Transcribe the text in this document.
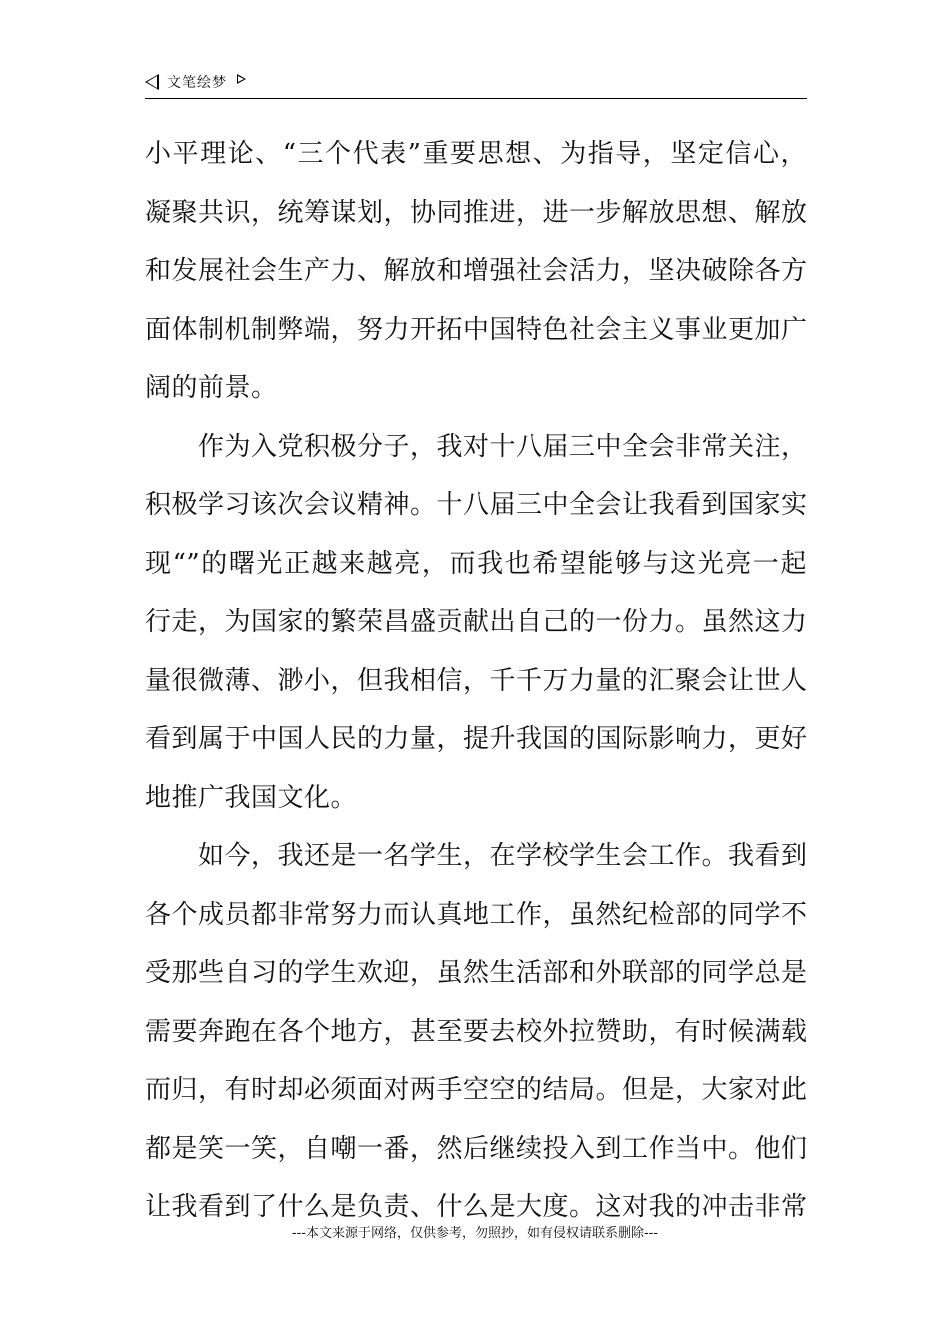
文笔绘梦
小平理论、“三个代表”重要思想、为指导，坚定信心，
凝聚共识，统筹谋划，协同推进，进一步解放思想、解放
和发展社会生产力、解放和增强社会活力，坚决破除各方
面体制机制弊端，努力开拓中国特色社会主义事业更加广
阔的前景。
　　作为入党积极分子，我对十八届三中全会非常关注，
积极学习该次会议精神。十八届三中全会让我看到国家实
现“”的曙光正越来越亮，而我也希望能够与这光亮一起
行走，为国家的繁荣昌盛贡献出自己的一份力。虽然这力
量很微薄、渺小，但我相信，千千万力量的汇聚会让世人
看到属于中国人民的力量，提升我国的国际影响力，更好
地推广我国文化。
　　如今，我还是一名学生，在学校学生会工作。我看到
各个成员都非常努力而认真地工作，虽然纪检部的同学不
受那些自习的学生欢迎，虽然生活部和外联部的同学总是
需要奔跑在各个地方，甚至要去校外拉赞助，有时候满载
而归，有时却必须面对两手空空的结局。但是，大家对此
都是笑一笑，自嘲一番，然后继续投入到工作当中。他们
让我看到了什么是负责、什么是大度。这对我的冲击非常
---本文来源于网络，仅供参考，勿照抄，如有侵权请联系删除---
